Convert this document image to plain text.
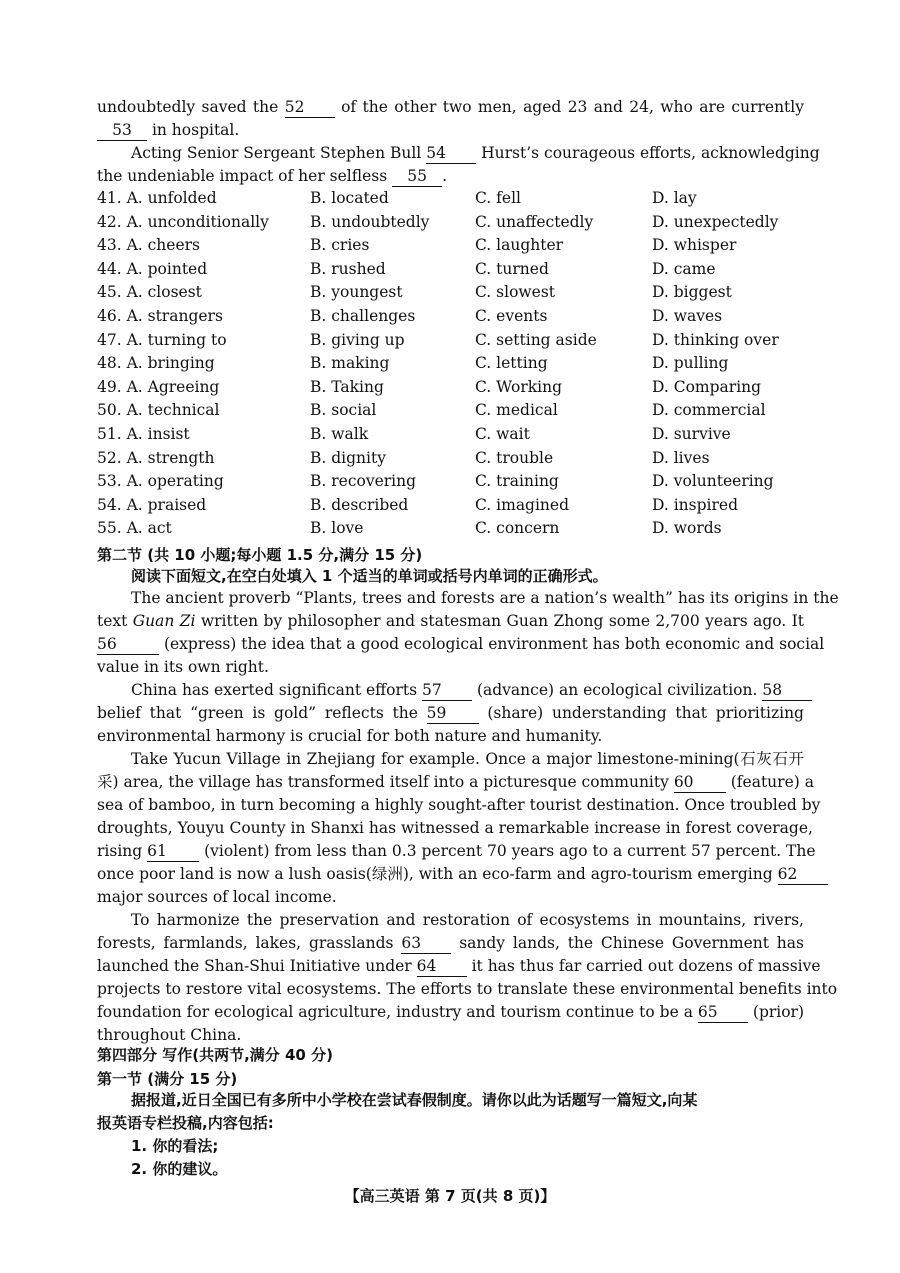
undoubtedly saved the 52 of the other two men, aged 23 and 24, who are currently
53 in hospital.
Acting Senior Sergeant Stephen Bull 54 Hurst’s courageous efforts, acknowledging
the undeniable impact of her selfless 55 .
41. A. unfolded	B. located	C. fell	D. lay
42. A. unconditionally	B. undoubtedly	C. unaffectedly	D. unexpectedly
43. A. cheers	B. cries	C. laughter	D. whisper
44. A. pointed	B. rushed	C. turned	D. came
45. A. closest	B. youngest	C. slowest	D. biggest
46. A. strangers	B. challenges	C. events	D. waves
47. A. turning to	B. giving up	C. setting aside	D. thinking over
48. A. bringing	B. making	C. letting	D. pulling
49. A. Agreeing	B. Taking	C. Working	D. Comparing
50. A. technical	B. social	C. medical	D. commercial
51. A. insist	B. walk	C. wait	D. survive
52. A. strength	B. dignity	C. trouble	D. lives
53. A. operating	B. recovering	C. training	D. volunteering
54. A. praised	B. described	C. imagined	D. inspired
55. A. act	B. love	C. concern	D. words
第二节 (共 10 小题;每小题 1.5 分,满分 15 分)
阅读下面短文,在空白处填入 1 个适当的单词或括号内单词的正确形式。
The ancient proverb “Plants, trees and forests are a nation’s wealth” has its origins in the
text Guan Zi written by philosopher and statesman Guan Zhong some 2,700 years ago. It
56	(express) the idea that a good ecological environment has both economic and social
value in its own right.
China has exerted significant efforts 57 (advance) an ecological civilization. 58
belief that “green is gold” reflects the 59	(share) understanding that prioritizing
environmental harmony is crucial for both nature and humanity.
Take Yucun Village in Zhejiang for example. Once a major limestone-mining(石灰石开
采) area, the village has transformed itself into a picturesque community 60 (feature) a
sea of bamboo, in turn becoming a highly sought-after tourist destination. Once troubled by
droughts, Youyu County in Shanxi has witnessed a remarkable increase in forest coverage,
rising 61 (violent) from less than 0.3 percent 70 years ago to a current 57 percent. The
once poor land is now a lush oasis(绿洲), with an eco-farm and agro-tourism emerging 62
major sources of local income.
To harmonize the preservation and restoration of ecosystems in mountains, rivers,
forests, farmlands, lakes, grasslands 63 sandy lands, the Chinese Government has
launched the Shan-Shui Initiative under 64 it has thus far carried out dozens of massive
projects to restore vital ecosystems. The efforts to translate these environmental benefits into
foundation for ecological agriculture, industry and tourism continue to be a 65 (prior)
throughout China.
第四部分 写作(共两节,满分 40 分)
第一节 (满分 15 分)
据报道,近日全国已有多所中小学校在尝试春假制度。请你以此为话题写一篇短文,向某
报英语专栏投稿,内容包括:
1. 你的看法;
2. 你的建议。
【高三英语 第 7 页(共 8 页)】
